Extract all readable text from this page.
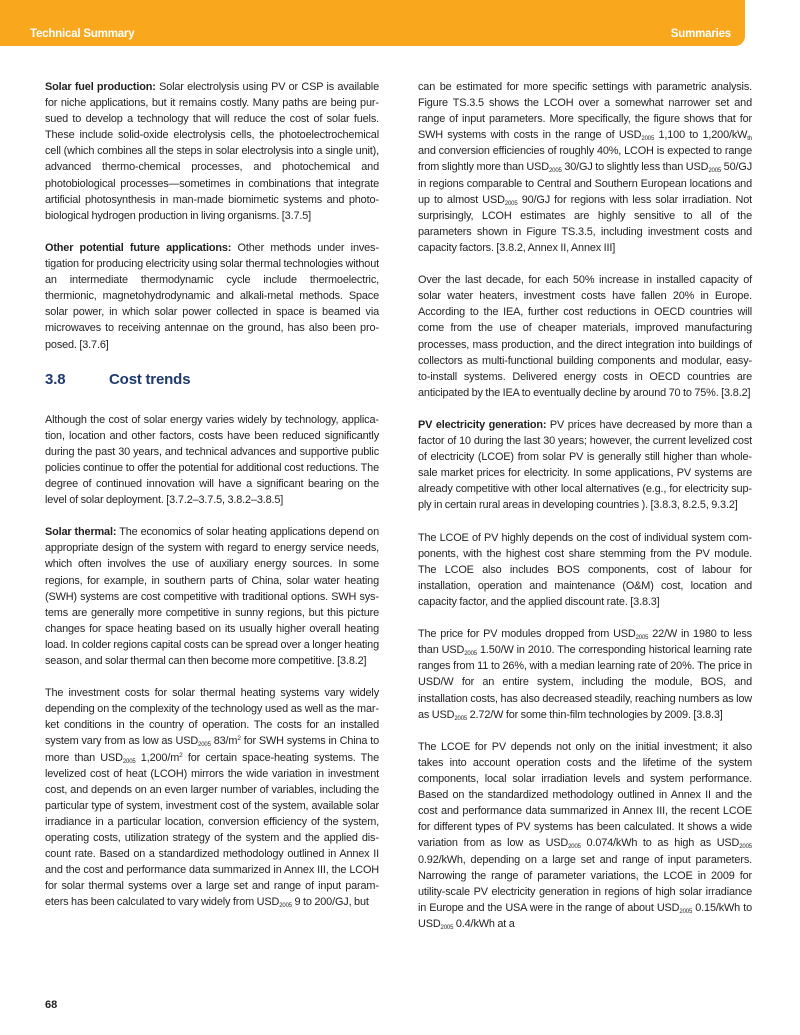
Technical Summary	Summaries

Solar fuel production: Solar electrolysis using PV or CSP is available for niche applications, but it remains costly. Many paths are being pursued to develop a technology that will reduce the cost of solar fuels. These include solid-oxide electrolysis cells, the photoelectrochemical cell (which combines all the steps in solar electrolysis into a single unit), advanced thermo-chemical processes, and photochemical and photobiological processes—sometimes in combinations that integrate artificial photosynthesis in man-made biomimetic systems and photobiological hydrogen production in living organisms. [3.7.5]

Other potential future applications: Other methods under investigation for producing electricity using solar thermal technologies without an intermediate thermodynamic cycle include thermoelectric, thermionic, magnetohydrodynamic and alkali-metal methods. Space solar power, in which solar power collected in space is beamed via microwaves to receiving antennae on the ground, has also been proposed. [3.7.6]

3.8	Cost trends

Although the cost of solar energy varies widely by technology, application, location and other factors, costs have been reduced significantly during the past 30 years, and technical advances and supportive public policies continue to offer the potential for additional cost reductions. The degree of continued innovation will have a significant bearing on the level of solar deployment. [3.7.2–3.7.5, 3.8.2–3.8.5]

Solar thermal: The economics of solar heating applications depend on appropriate design of the system with regard to energy service needs, which often involves the use of auxiliary energy sources. In some regions, for example, in southern parts of China, solar water heating (SWH) systems are cost competitive with traditional options. SWH systems are generally more competitive in sunny regions, but this picture changes for space heating based on its usually higher overall heating load. In colder regions capital costs can be spread over a longer heating season, and solar thermal can then become more competitive. [3.8.2]

The investment costs for solar thermal heating systems vary widely depending on the complexity of the technology used as well as the market conditions in the country of operation. The costs for an installed system vary from as low as $USD_{2005}$ $83/m^2$ for SWH systems in China to more than $USD_{2005}$ $1,200/m^2$ for certain space-heating systems. The levelized cost of heat (LCOH) mirrors the wide variation in investment cost, and depends on an even larger number of variables, including the particular type of system, investment cost of the system, available solar irradiance in a particular location, conversion efficiency of the system, operating costs, utilization strategy of the system and the applied discount rate. Based on a standardized methodology outlined in Annex II and the cost and performance data summarized in Annex III, the LCOH for solar thermal systems over a large set and range of input parameters has been calculated to vary widely from $USD_{2005}$ 9 to 200/GJ, but

can be estimated for more specific settings with parametric analysis. Figure TS.3.5 shows the LCOH over a somewhat narrower set and range of input parameters. More specifically, the figure shows that for SWH systems with costs in the range of $USD_{2005}$ 1,100 to $1,200/kW_{th}$ and conversion efficiencies of roughly 40%, LCOH is expected to range from slightly more than $USD_{2005}$ 30/GJ to slightly less than $USD_{2005}$ 50/GJ in regions comparable to Central and Southern European locations and up to almost $USD_{2005}$ 90/GJ for regions with less solar irradiation. Not surprisingly, LCOH estimates are highly sensitive to all of the parameters shown in Figure TS.3.5, including investment costs and capacity factors. [3.8.2, Annex II, Annex III]

Over the last decade, for each 50% increase in installed capacity of solar water heaters, investment costs have fallen 20% in Europe. According to the IEA, further cost reductions in OECD countries will come from the use of cheaper materials, improved manufacturing processes, mass production, and the direct integration into buildings of collectors as multi-functional building components and modular, easy-to-install systems. Delivered energy costs in OECD countries are anticipated by the IEA to eventually decline by around 70 to 75%. [3.8.2]

PV electricity generation: PV prices have decreased by more than a factor of 10 during the last 30 years; however, the current levelized cost of electricity (LCOE) from solar PV is generally still higher than wholesale market prices for electricity. In some applications, PV systems are already competitive with other local alternatives (e.g., for electricity supply in certain rural areas in developing countries ). [3.8.3, 8.2.5, 9.3.2]

The LCOE of PV highly depends on the cost of individual system components, with the highest cost share stemming from the PV module. The LCOE also includes BOS components, cost of labour for installation, operation and maintenance (O&M) cost, location and capacity factor, and the applied discount rate. [3.8.3]

The price for PV modules dropped from $USD_{2005}$ 22/W in 1980 to less than $USD_{2005}$ 1.50/W in 2010. The corresponding historical learning rate ranges from 11 to 26%, with a median learning rate of 20%. The price in USD/W for an entire system, including the module, BOS, and installation costs, has also decreased steadily, reaching numbers as low as $USD_{2005}$ 2.72/W for some thin-film technologies by 2009. [3.8.3]

The LCOE for PV depends not only on the initial investment; it also takes into account operation costs and the lifetime of the system components, local solar irradiation levels and system performance. Based on the standardized methodology outlined in Annex II and the cost and performance data summarized in Annex III, the recent LCOE for different types of PV systems has been calculated. It shows a wide variation from as low as $USD_{2005}$ 0.074/kWh to as high as $USD_{2005}$ 0.92/kWh, depending on a large set and range of input parameters. Narrowing the range of parameter variations, the LCOE in 2009 for utility-scale PV electricity generation in regions of high solar irradiance in Europe and the USA were in the range of about $USD_{2005}$ 0.15/kWh to $USD_{2005}$ 0.4/kWh at a

68
